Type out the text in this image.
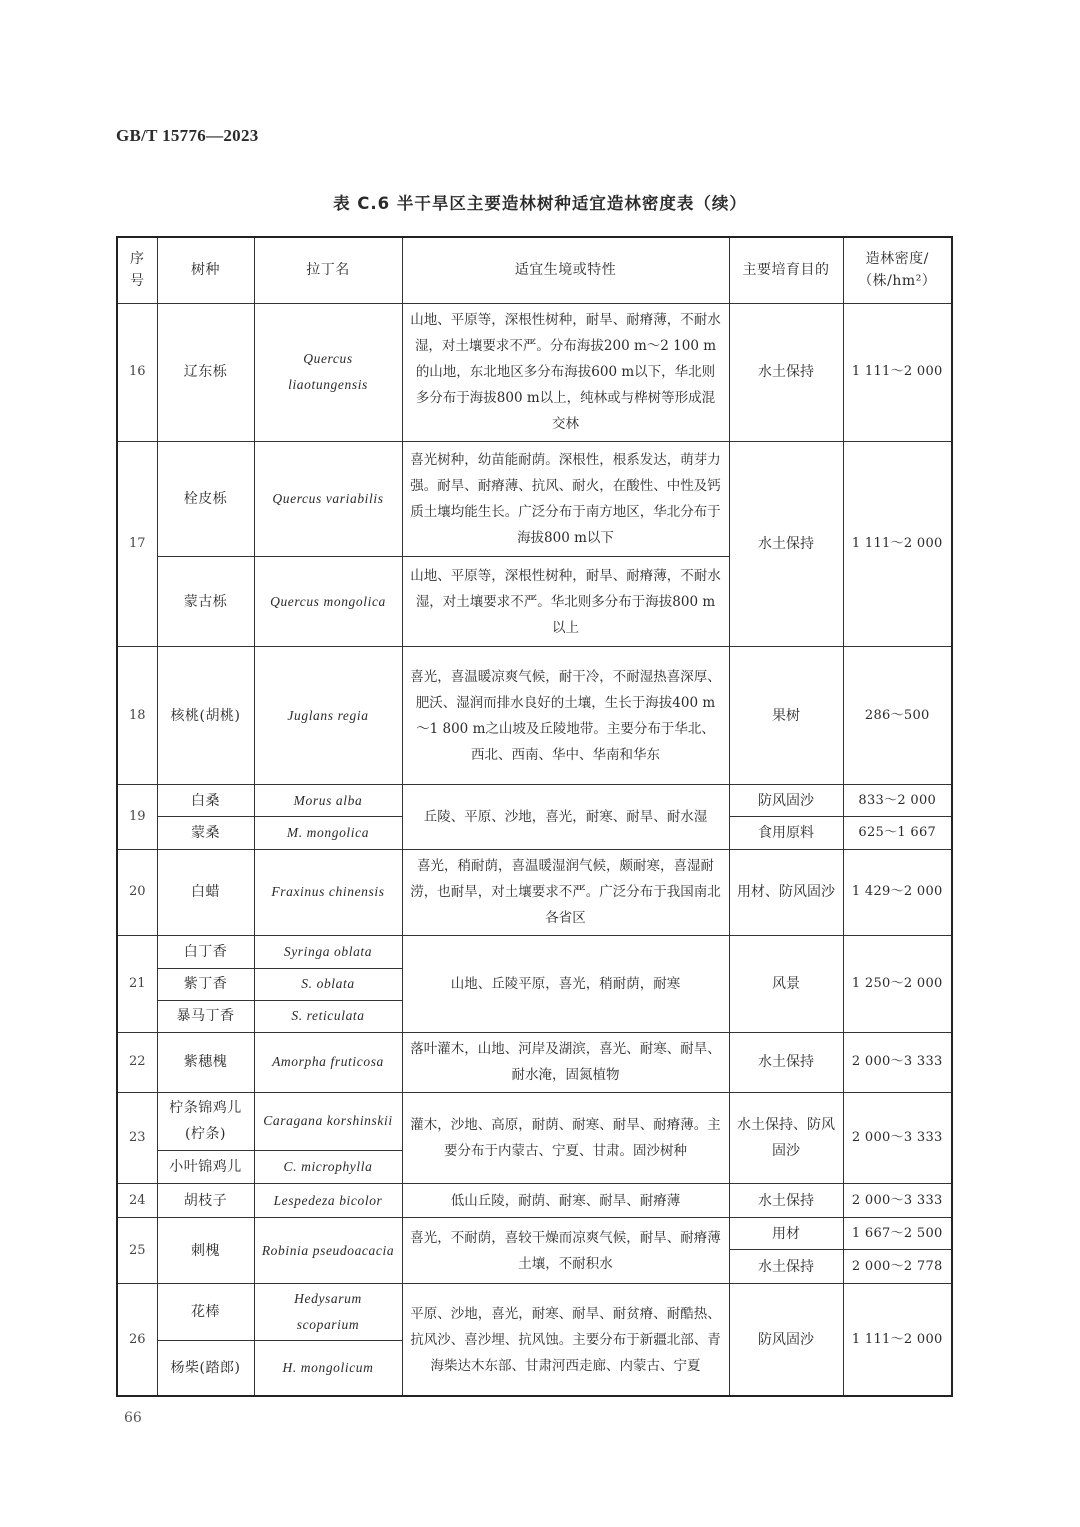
GB/T 15776—2023
表 C.6 半干旱区主要造林树种适宜造林密度表（续）
序号	树种	拉丁名	适宜生境或特性	主要培育目的	造林密度/
（株/hm²）
16	辽东栎	Quercus liaotungensis	山地、平原等，深根性树种，耐旱、耐瘠薄，不耐水湿，对土壤要求不严。分布海拔200 m～2 100 m的山地，东北地区多分布海拔600 m以下，华北则多分布于海拔800 m以上，纯林或与桦树等形成混交林	水土保持	1 111～2 000
17	栓皮栎	Quercus variabilis	喜光树种，幼苗能耐荫。深根性，根系发达，萌芽力强。耐旱、耐瘠薄、抗风、耐火，在酸性、中性及钙质土壤均能生长。广泛分布于南方地区，华北分布于海拔800 m以下	水土保持	1 111～2 000
	蒙古栎	Quercus mongolica	山地、平原等，深根性树种，耐旱、耐瘠薄，不耐水湿，对土壤要求不严。华北则多分布于海拔800 m以上		
18	核桃(胡桃)	Juglans regia	喜光，喜温暖凉爽气候，耐干冷，不耐湿热喜深厚、肥沃、湿润而排水良好的土壤，生长于海拔400 m～1 800 m之山坡及丘陵地带。主要分布于华北、西北、西南、华中、华南和华东	果树	286～500
19	白桑	Morus alba	丘陵、平原、沙地，喜光，耐寒、耐旱、耐水湿	防风固沙	833～2 000
	蒙桑	M. mongolica		食用原料	625～1 667
20	白蜡	Fraxinus chinensis	喜光，稍耐荫，喜温暖湿润气候，颇耐寒，喜湿耐涝，也耐旱，对土壤要求不严。广泛分布于我国南北各省区	用材、防风固沙	1 429～2 000
21	白丁香	Syringa oblata	山地、丘陵平原，喜光，稍耐荫，耐寒	风景	1 250～2 000
	紫丁香	S. oblata			
	暴马丁香	S. reticulata			
22	紫穗槐	Amorpha fruticosa	落叶灌木，山地、河岸及湖滨，喜光、耐寒、耐旱、耐水淹，固氮植物	水土保持	2 000～3 333
23	柠条锦鸡儿(柠条)	Caragana korshinskii	灌木，沙地、高原，耐荫、耐寒、耐旱、耐瘠薄。主要分布于内蒙古、宁夏、甘肃。固沙树种	水土保持、防风固沙	2 000～3 333
	小叶锦鸡儿	C. microphylla			
24	胡枝子	Lespedeza bicolor	低山丘陵，耐荫、耐寒、耐旱、耐瘠薄	水土保持	2 000～3 333
25	刺槐	Robinia pseudoacacia	喜光，不耐荫，喜较干燥而凉爽气候，耐旱、耐瘠薄土壤，不耐积水	用材	1 667～2 500
				水土保持	2 000～2 778
26	花棒	Hedysarum scoparium	平原、沙地，喜光，耐寒、耐旱、耐贫瘠、耐酷热、抗风沙、喜沙埋、抗风蚀。主要分布于新疆北部、青海柴达木东部、甘肃河西走廊、内蒙古、宁夏	防风固沙	1 111～2 000
	杨柴(踏郎)	H. mongolicum			
66
